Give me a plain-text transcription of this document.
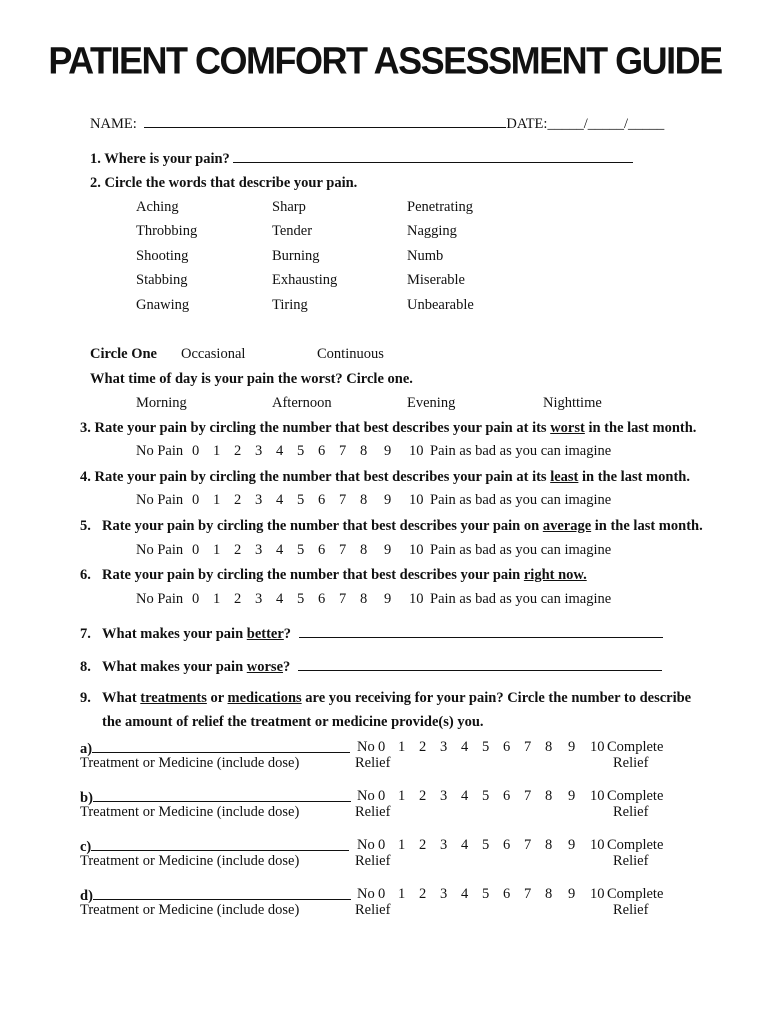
PATIENT COMFORT ASSESSMENT GUIDE
NAME:	DATE:_____/_____/_____
1. Where is your pain?
2. Circle the words that describe your pain.
Aching	Sharp	Penetrating
Throbbing	Tender	Nagging
Shooting	Burning	Numb
Stabbing	Exhausting	Miserable
Gnawing	Tiring	Unbearable
Circle One Occasional	Continuous
What time of day is your pain the worst? Circle one.
Morning	Afternoon	Evening	Nighttime
3. Rate your pain by circling the number that best describes your pain at its worst in the last month.
No Pain 0 1 2 3 4 5 6 7 8 9 10 Pain as bad as you can imagine
4. Rate your pain by circling the number that best describes your pain at its least in the last month.
No Pain 0 1 2 3 4 5 6 7 8 9 10 Pain as bad as you can imagine
5. Rate your pain by circling the number that best describes your pain on average in the last month.
No Pain 0 1 2 3 4 5 6 7 8 9 10 Pain as bad as you can imagine
6. Rate your pain by circling the number that best describes your pain right now.
No Pain 0 1 2 3 4 5 6 7 8 9 10 Pain as bad as you can imagine
7. What makes your pain better?
8. What makes your pain worse?
9. What treatments or medications are you receiving for your pain? Circle the number to describe
the amount of relief the treatment or medicine provide(s) you.
a)
Treatment or Medicine (include dose)
No 0 1 2 3 4 5 6 7 8 9 10 Complete
Relief	Relief
b)
Treatment or Medicine (include dose)
No 0 1 2 3 4 5 6 7 8 9 10 Complete
Relief	Relief
c)
Treatment or Medicine (include dose)
No 0 1 2 3 4 5 6 7 8 9 10 Complete
Relief	Relief
d)
Treatment or Medicine (include dose)
No 0 1 2 3 4 5 6 7 8 9 10 Complete
Relief	Relief
